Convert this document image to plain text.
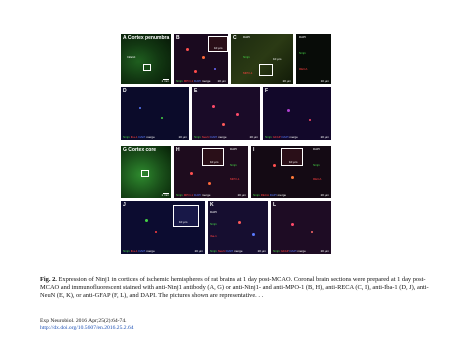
A Cortex penumbra
Infarct
1 mm
B
10 μm
Ninj1 MPO-1 DAPI merge 20 μm
C DAPI
Ninj1
MPO-1
10 μm
20 μm
DAPI
Ninj1
RECA
10 μm
D
Ninj1 Iba-1 DAPI merge	20 μm
E
Ninj1 NeuN DAPI merge	20 μm
F
Ninj1 GFAP DAPI merge	20 μm
G Cortex core
1 mm
H
10 μm
DAPI
Ninj1
MPO-1
Ninj1 MPO-1 DAPI merge	20 μm
I
10 μm
DAPI
Ninj1
RECA
Ninj1 RECA DAPI merge	20 μm
J
10 μm
Ninj1 Iba-1 DAPI merge	20 μm
K
DAPI
Ninj1
Iba-1
Ninj1 NeuN DAPI merge	20 μm
L
Ninj1 GFAP DAPI merge	20 μm
Fig. 2. Expression of Ninj1 in cortices of ischemic hemispheres of rat brains at 1 day post-MCAO. Coronal brain sections were prepared at 1 day post-MCAO and immunofluorescent stained with anti-Ninj1 antibody (A, G) or anti-Ninj1- and anti-MPO-1 (B, H), anti-RECA (C, I), anti-Iba-1 (D, J), anti-NeuN (E, K), or anti-GFAP (F, L), and DAPI. The pictures shown are representative. . .
Exp Neurobiol. 2016 Apr;25(2):64-74.
http://dx.doi.org/10.5607/en.2016.25.2.64
